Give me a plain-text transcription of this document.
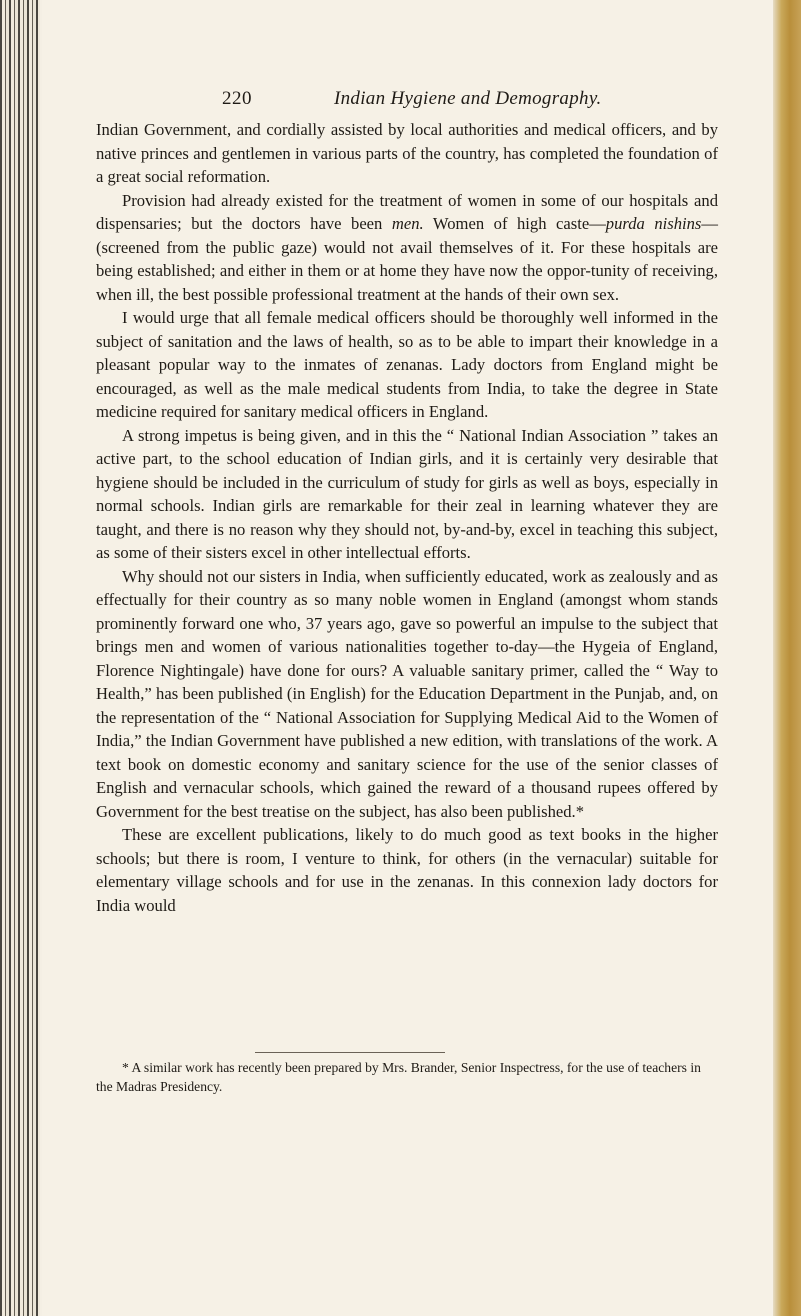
220	Indian Hygiene and Demography.

Indian Government, and cordially assisted by local authorities and medical officers, and by native princes and gentlemen in various parts of the country, has completed the foundation of a great social reformation.

Provision had already existed for the treatment of women in some of our hospitals and dispensaries; but the doctors have been men. Women of high caste—purda nishins—(screened from the public gaze) would not avail themselves of it. For these hospitals are being established; and either in them or at home they have now the oppor-tunity of receiving, when ill, the best possible professional treatment at the hands of their own sex.

I would urge that all female medical officers should be thoroughly well informed in the subject of sanitation and the laws of health, so as to be able to impart their knowledge in a pleasant popular way to the inmates of zenanas. Lady doctors from England might be encouraged, as well as the male medical students from India, to take the degree in State medicine required for sanitary medical officers in England.

A strong impetus is being given, and in this the “ National Indian Association ” takes an active part, to the school education of Indian girls, and it is certainly very desirable that hygiene should be included in the curriculum of study for girls as well as boys, especially in normal schools. Indian girls are remarkable for their zeal in learning whatever they are taught, and there is no reason why they should not, by-and-by, excel in teaching this subject, as some of their sisters excel in other intellectual efforts.

Why should not our sisters in India, when sufficiently educated, work as zealously and as effectually for their country as so many noble women in England (amongst whom stands prominently forward one who, 37 years ago, gave so powerful an impulse to the subject that brings men and women of various nationalities together to-day—the Hygeia of England, Florence Nightingale) have done for ours? A valuable sanitary primer, called the “ Way to Health,” has been published (in English) for the Education Department in the Punjab, and, on the representation of the “ National Association for Supplying Medical Aid to the Women of India,” the Indian Government have published a new edition, with translations of the work. A text book on domestic economy and sanitary science for the use of the senior classes of English and vernacular schools, which gained the reward of a thousand rupees offered by Government for the best treatise on the subject, has also been published.*

These are excellent publications, likely to do much good as text books in the higher schools; but there is room, I venture to think, for others (in the vernacular) suitable for elementary village schools and for use in the zenanas. In this connexion lady doctors for India would

* A similar work has recently been prepared by Mrs. Brander, Senior Inspectress, for the use of teachers in the Madras Presidency.
